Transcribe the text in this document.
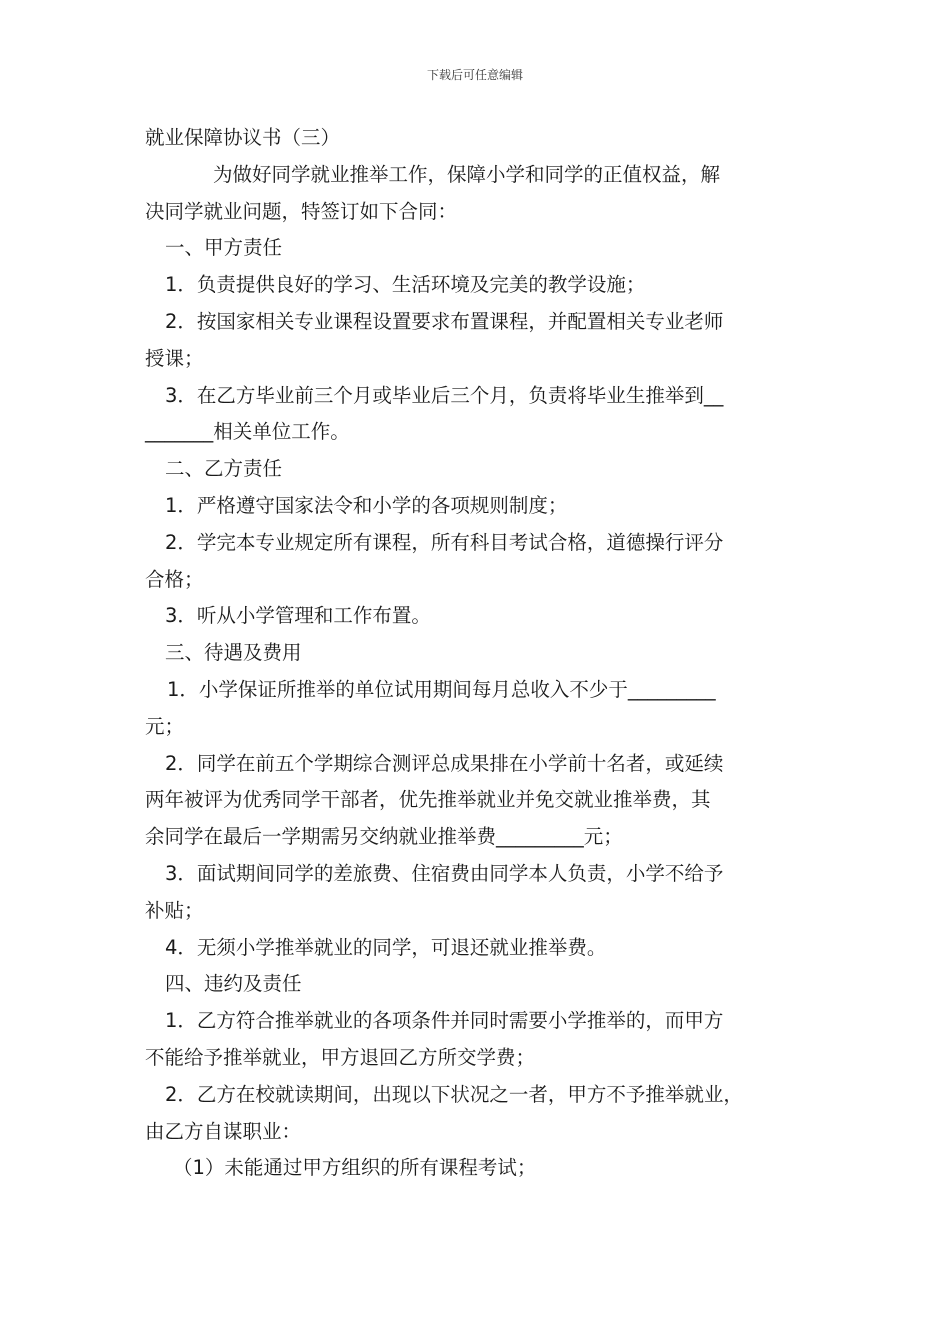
下载后可任意编辑
就业保障协议书（三）
为做好同学就业推举工作，保障小学和同学的正值权益，解
决同学就业问题，特签订如下合同：
一、甲方责任
1．负责提供良好的学习、生活环境及完美的教学设施；
2．按国家相关专业课程设置要求布置课程，并配置相关专业老师
授课；
3．在乙方毕业前三个月或毕业后三个月，负责将毕业生推举到__
_______相关单位工作。
二、乙方责任
1．严格遵守国家法令和小学的各项规则制度；
2．学完本专业规定所有课程，所有科目考试合格，道德操行评分
合格；
3．听从小学管理和工作布置。
三、待遇及费用
1．小学保证所推举的单位试用期间每月总收入不少于_________
元；
2．同学在前五个学期综合测评总成果排在小学前十名者，或延续
两年被评为优秀同学干部者，优先推举就业并免交就业推举费，其
余同学在最后一学期需另交纳就业推举费_________元；
3．面试期间同学的差旅费、住宿费由同学本人负责，小学不给予
补贴；
4．无须小学推举就业的同学，可退还就业推举费。
四、违约及责任
1．乙方符合推举就业的各项条件并同时需要小学推举的，而甲方
不能给予推举就业，甲方退回乙方所交学费；
2．乙方在校就读期间，出现以下状况之一者，甲方不予推举就业，
由乙方自谋职业：
（1）未能通过甲方组织的所有课程考试；
